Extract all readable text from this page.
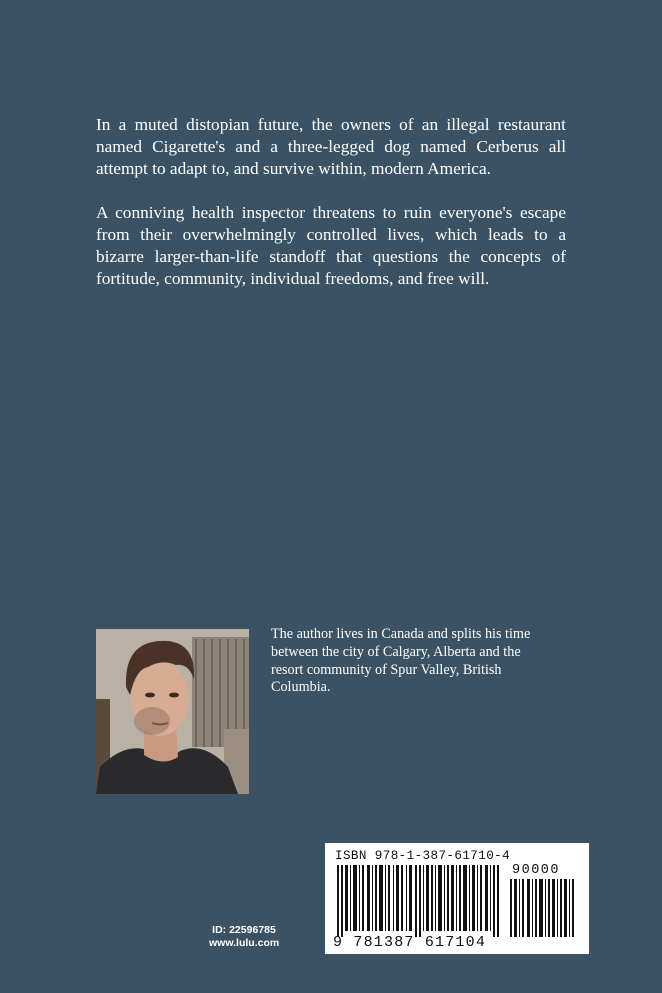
In a muted distopian future, the owners of an illegal restaurant named Cigarette's and a three-legged dog named Cerberus all attempt to adapt to, and survive within, modern America.

A conniving health inspector threatens to ruin everyone's escape from their overwhelmingly controlled lives, which leads to a bizarre larger-than-life standoff that questions the concepts of fortitude, community, individual freedoms, and free will.

The author lives in Canada and splits his time between the city of Calgary, Alberta and the resort community of Spur Valley, British Columbia.
ISBN 978-1-387-61710-4
90000
9 781387 617104
ID: 22596785
www.lulu.com
